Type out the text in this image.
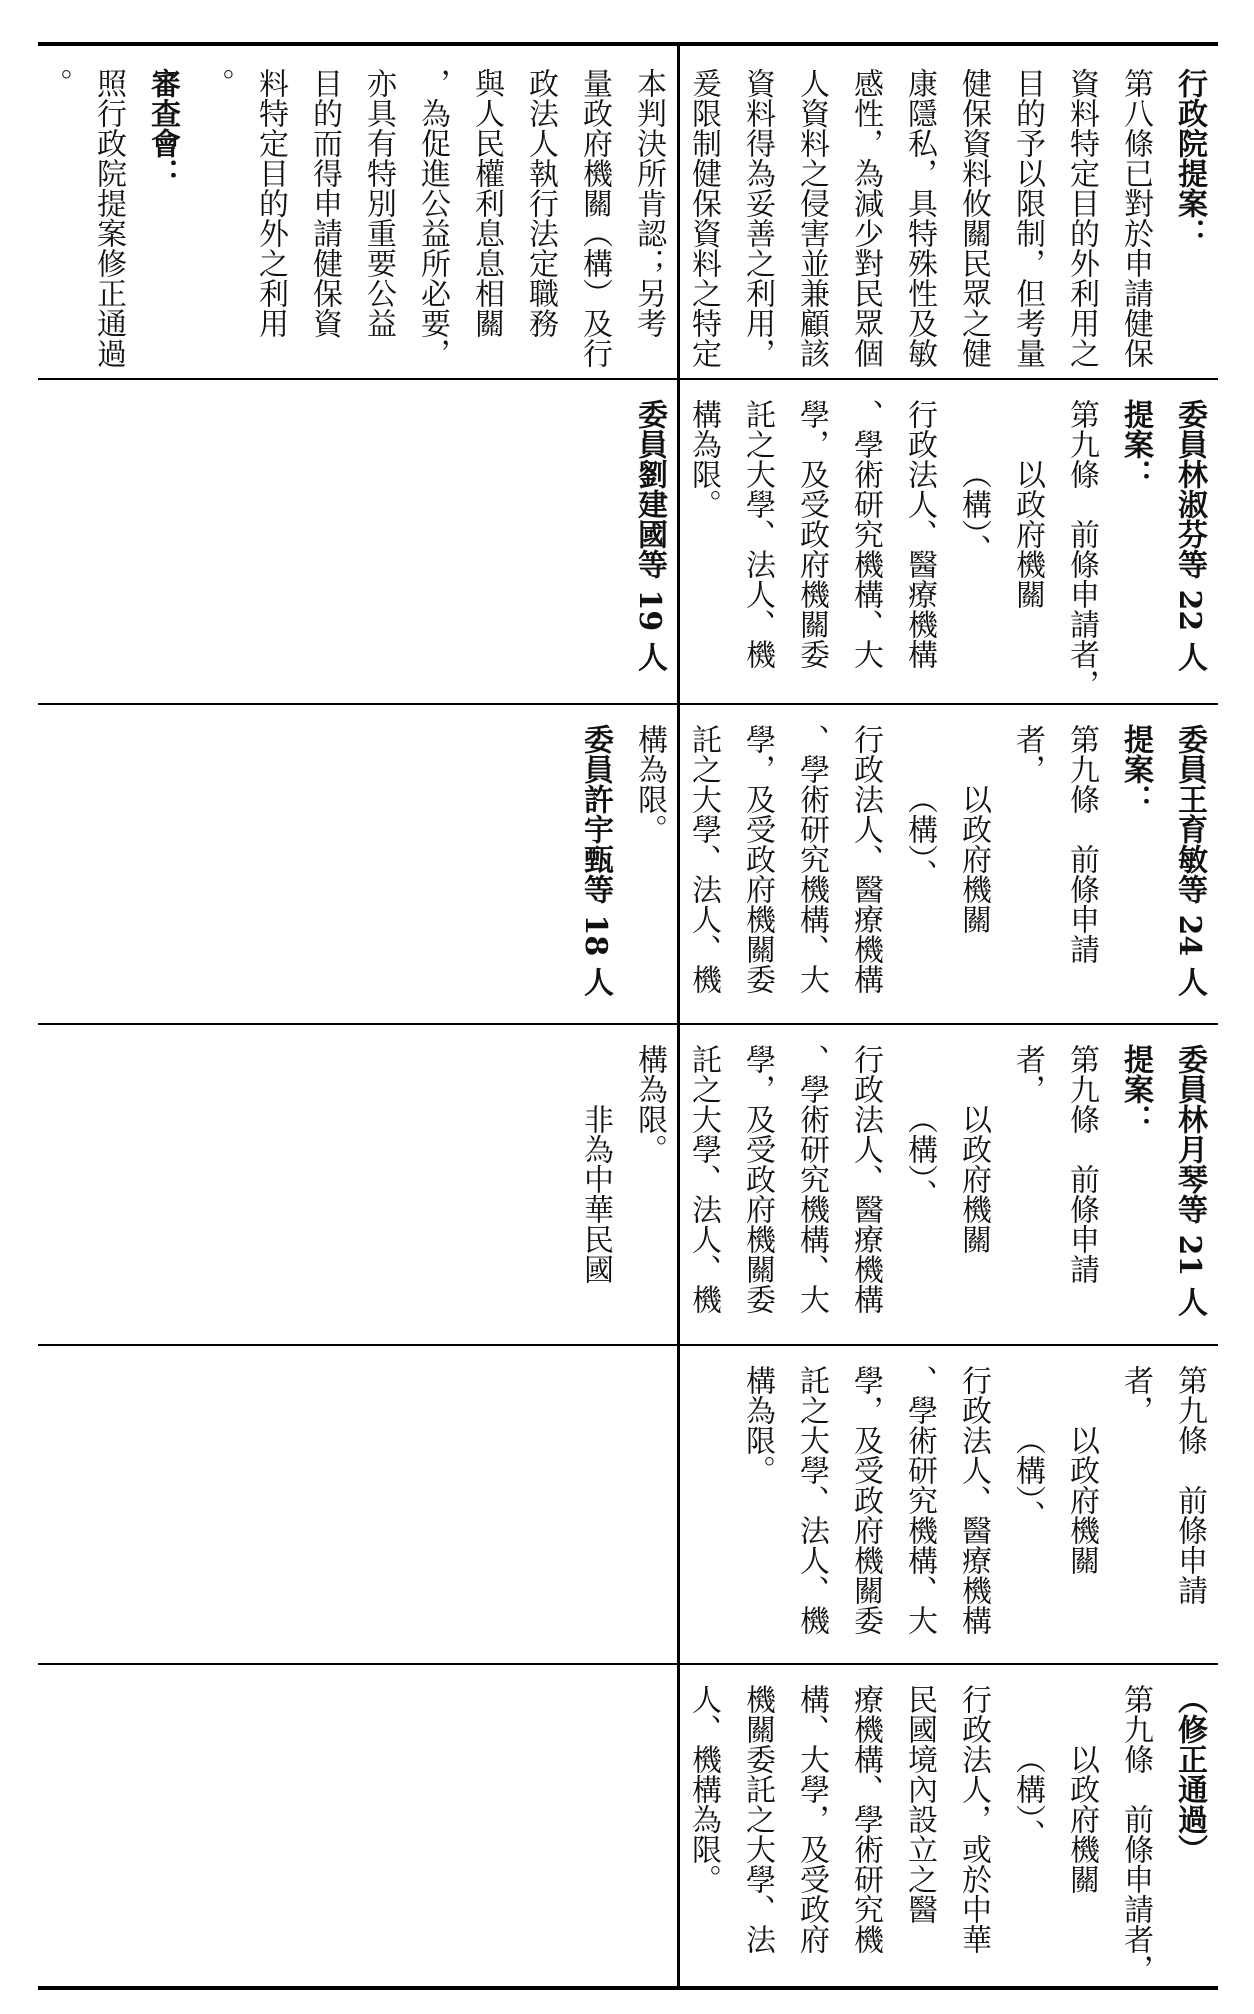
行政院提案：
第八條已對於申請健保
資料特定目的外利用之
目的予以限制，但考量
健保資料攸關民眾之健
康隱私，具特殊性及敏
感性，為減少對民眾個
人資料之侵害並兼顧該
資料得為妥善之利用，
爰限制健保資料之特定
本判決所肯認；另考
量政府機關（構）及行
政法人執行法定職務
與人民權利息息相關
，為促進公益所必要，
亦具有特別重要公益
目的而得申請健保資
料特定目的外之利用
。
審查會：
照行政院提案修正通過
。
委員林淑芬等 22 人
提案：
第九條　前條申請者，
以政府機關（構）、
行政法人、醫療機構
、學術研究機構、大
學，及受政府機關委
託之大學、法人、機
構為限。
委員劉建國等 19 人
委員王育敏等 24 人
提案：
第九條　前條申請者，
以政府機關（構）、
行政法人、醫療機構
、學術研究機構、大
學，及受政府機關委
託之大學、法人、機
構為限。
委員許宇甄等 18 人
委員林月琴等 21 人
提案：
第九條　前條申請者，
以政府機關（構）、
行政法人、醫療機構
、學術研究機構、大
學，及受政府機關委
託之大學、法人、機
構為限。
非為中華民國
第九條　前條申請者，
以政府機關（構）、
行政法人、醫療機構
、學術研究機構、大
學，及受政府機關委
託之大學、法人、機
構為限。
（修正通過）
第九條　前條申請者，
以政府機關（構）、
行政法人，或於中華
民國境內設立之醫
療機構、學術研究機
構、大學，及受政府
機關委託之大學、法
人、機構為限。
